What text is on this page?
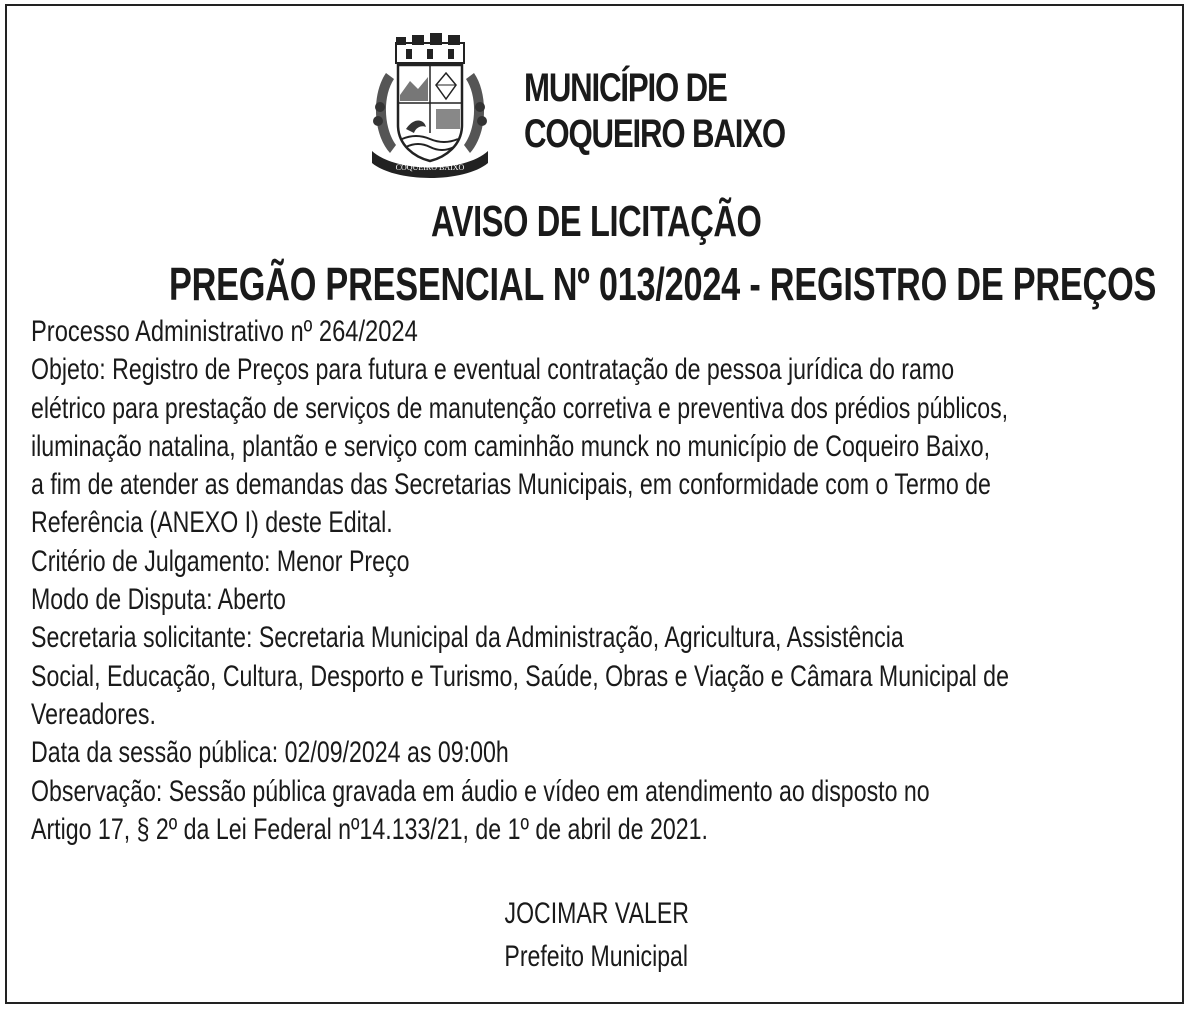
COQUEIRO BAIXO
MUNICÍPIO DE
COQUEIRO BAIXO
AVISO DE LICITAÇÃO
PREGÃO PRESENCIAL Nº 013/2024 - REGISTRO DE PREÇOS
Processo Administrativo nº 264/2024
Objeto: Registro de Preços para futura e eventual contratação de pessoa jurídica do ramo
elétrico para prestação de serviços de manutenção corretiva e preventiva dos prédios públicos,
iluminação natalina, plantão e serviço com caminhão munck no município de Coqueiro Baixo,
a fim de atender as demandas das Secretarias Municipais, em conformidade com o Termo de
Referência (ANEXO I) deste Edital.
Critério de Julgamento: Menor Preço
Modo de Disputa: Aberto
Secretaria solicitante: Secretaria Municipal da Administração, Agricultura, Assistência
Social, Educação, Cultura, Desporto e Turismo, Saúde, Obras e Viação e Câmara Municipal de
Vereadores.
Data da sessão pública: 02/09/2024 as 09:00h
Observação: Sessão pública gravada em áudio e vídeo em atendimento ao disposto no
Artigo 17, § 2º da Lei Federal nº14.133/21, de 1º de abril de 2021.
JOCIMAR VALER
Prefeito Municipal
